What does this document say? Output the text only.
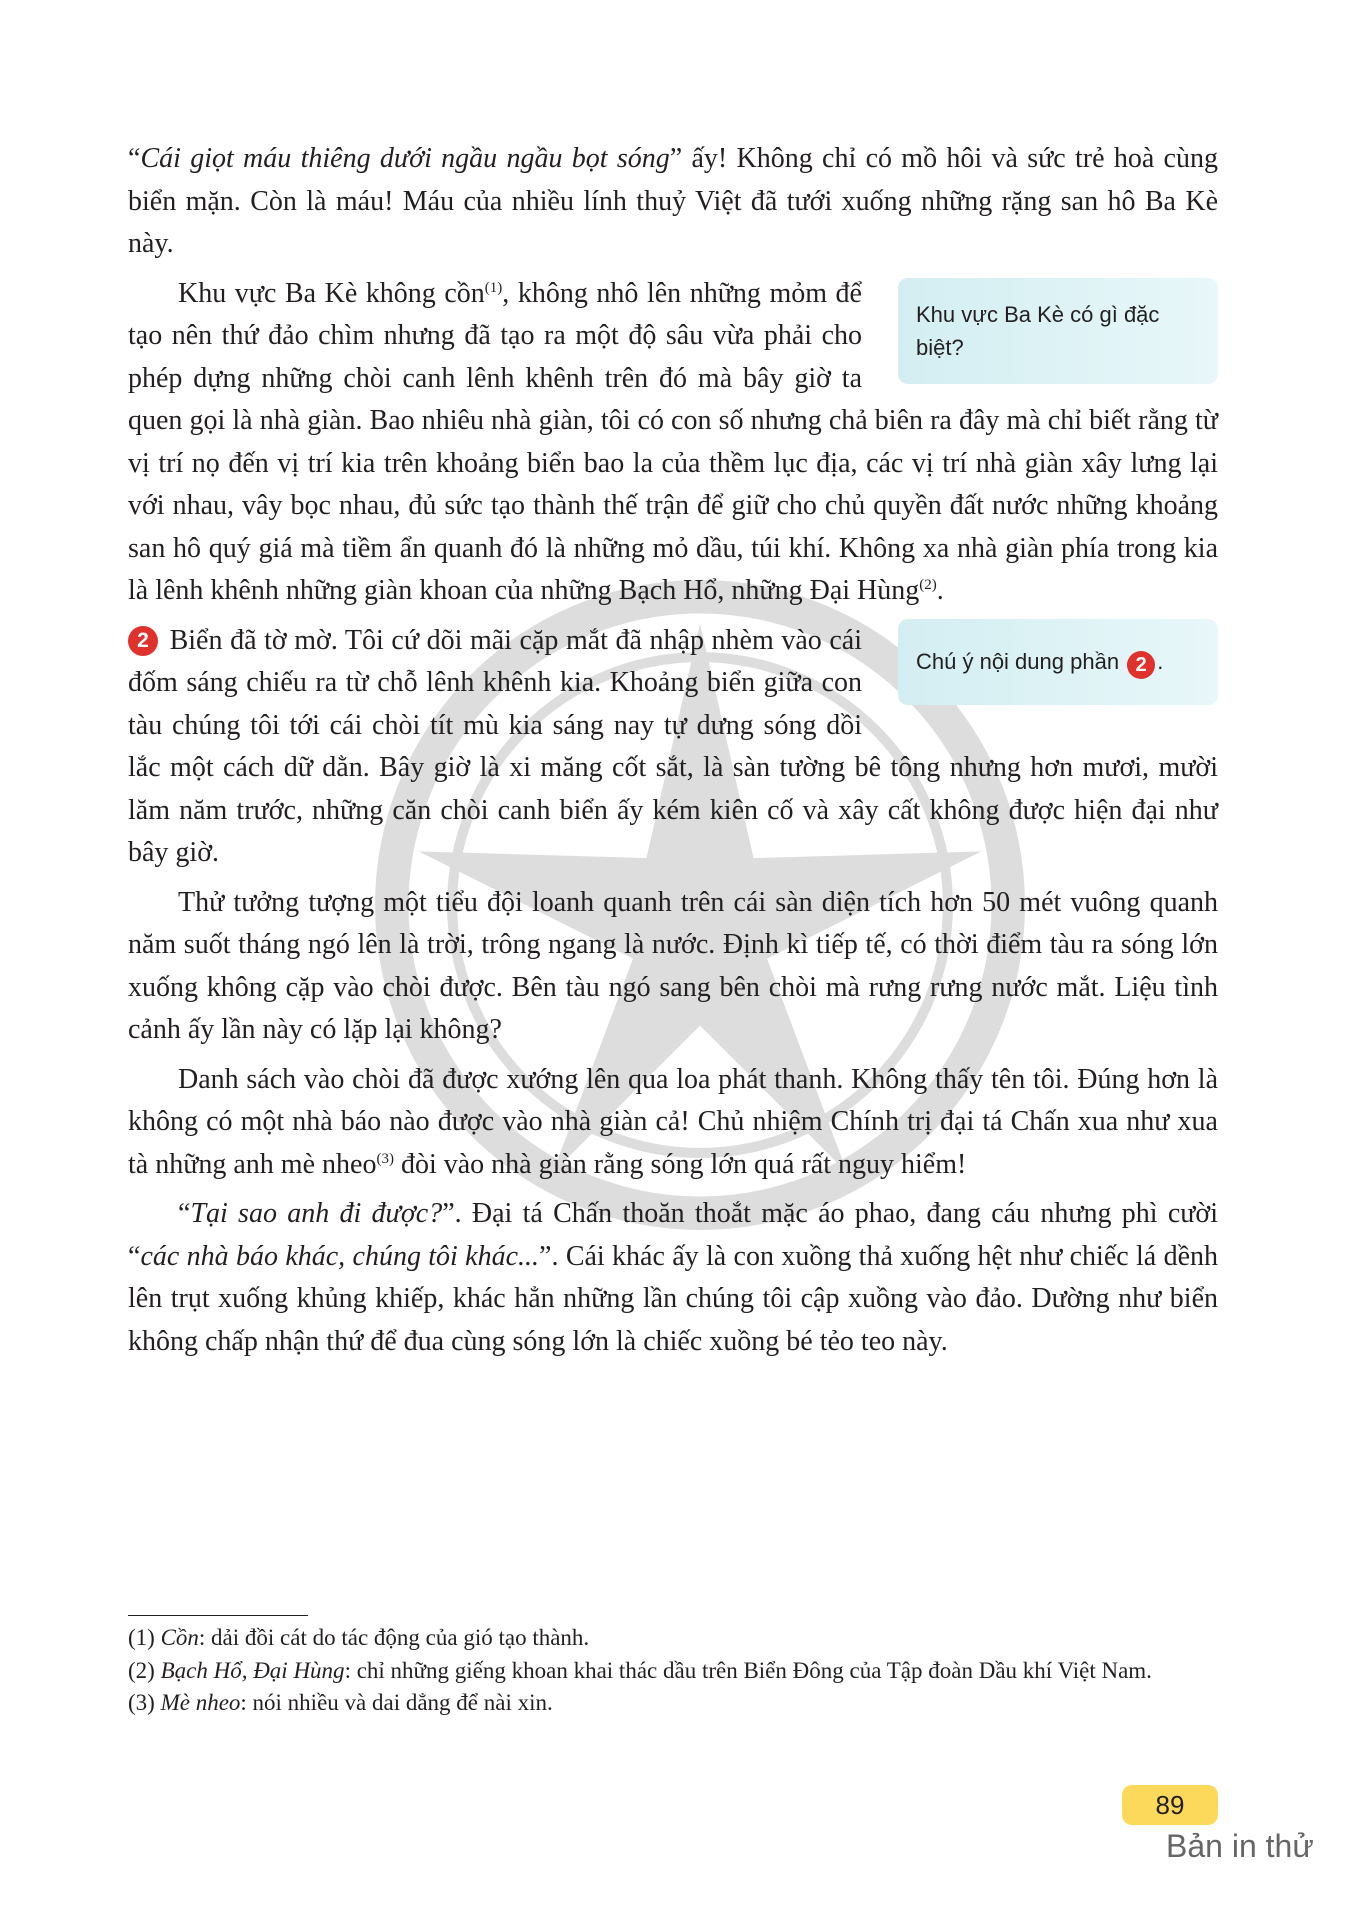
“Cái giọt máu thiêng dưới ngầu ngầu bọt sóng” ấy! Không chỉ có mồ hôi và sức trẻ hoà cùng biển mặn. Còn là máu! Máu của nhiều lính thuỷ Việt đã tưới xuống những rặng san hô Ba Kè này.

Khu vực Ba Kè có gì đặc biệt?

Khu vực Ba Kè không cồn$^{(1)}$, không nhô lên những mỏm để tạo nên thứ đảo chìm nhưng đã tạo ra một độ sâu vừa phải cho phép dựng những chòi canh lênh khênh trên đó mà bây giờ ta quen gọi là nhà giàn. Bao nhiêu nhà giàn, tôi có con số nhưng chả biên ra đây mà chỉ biết rằng từ vị trí nọ đến vị trí kia trên khoảng biển bao la của thềm lục địa, các vị trí nhà giàn xây lưng lại với nhau, vây bọc nhau, đủ sức tạo thành thế trận để giữ cho chủ quyền đất nước những khoảng san hô quý giá mà tiềm ẩn quanh đó là những mỏ dầu, túi khí. Không xa nhà giàn phía trong kia là lênh khênh những giàn khoan của những Bạch Hổ, những Đại Hùng$^{(2)}$.

Chú ý nội dung phần 2 .

2 Biển đã tờ mờ. Tôi cứ dõi mãi cặp mắt đã nhập nhèm vào cái đốm sáng chiếu ra từ chỗ lênh khênh kia. Khoảng biển giữa con tàu chúng tôi tới cái chòi tít mù kia sáng nay tự dưng sóng dồi lắc một cách dữ dằn. Bây giờ là xi măng cốt sắt, là sàn tường bê tông nhưng hơn mươi, mười lăm năm trước, những căn chòi canh biển ấy kém kiên cố và xây cất không được hiện đại như bây giờ.

Thử tưởng tượng một tiểu đội loanh quanh trên cái sàn diện tích hơn 50 mét vuông quanh năm suốt tháng ngó lên là trời, trông ngang là nước. Định kì tiếp tế, có thời điểm tàu ra sóng lớn xuống không cặp vào chòi được. Bên tàu ngó sang bên chòi mà rưng rưng nước mắt. Liệu tình cảnh ấy lần này có lặp lại không?

Danh sách vào chòi đã được xướng lên qua loa phát thanh. Không thấy tên tôi. Đúng hơn là không có một nhà báo nào được vào nhà giàn cả! Chủ nhiệm Chính trị đại tá Chấn xua như xua tà những anh mè nheo$^{(3)}$ đòi vào nhà giàn rằng sóng lớn quá rất nguy hiểm!

“Tại sao anh đi được?”. Đại tá Chấn thoăn thoắt mặc áo phao, đang cáu nhưng phì cười “các nhà báo khác, chúng tôi khác...”. Cái khác ấy là con xuồng thả xuống hệt như chiếc lá dềnh lên trụt xuống khủng khiếp, khác hẳn những lần chúng tôi cập xuồng vào đảo. Dường như biển không chấp nhận thứ để đua cùng sóng lớn là chiếc xuồng bé tẻo teo này.

(1) Cồn: dải đồi cát do tác động của gió tạo thành.

(2) Bạch Hổ, Đại Hùng: chỉ những giếng khoan khai thác dầu trên Biển Đông của Tập đoàn Dầu khí Việt Nam.

(3) Mè nheo: nói nhiều và dai dẳng để nài xin.

89
Bản in thử
